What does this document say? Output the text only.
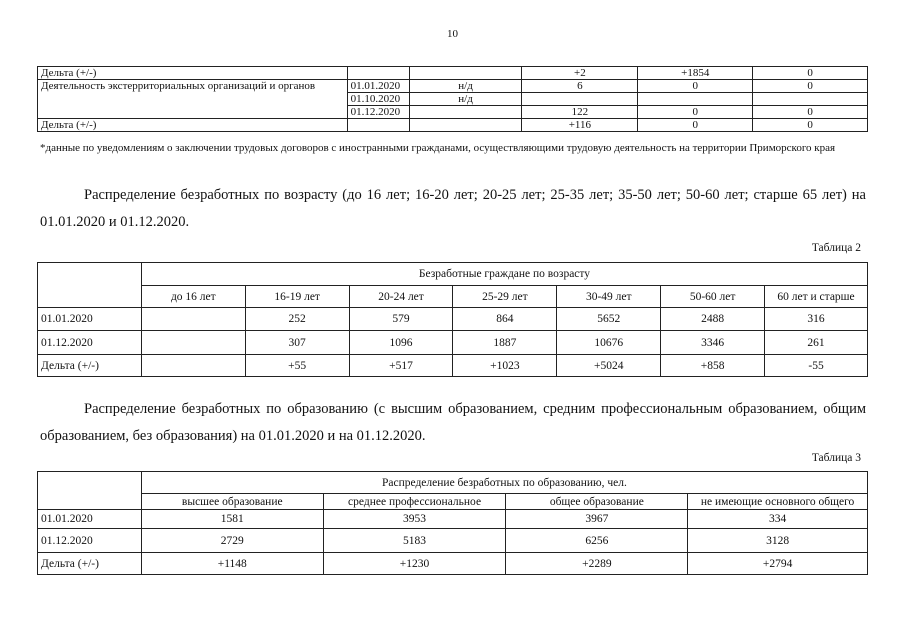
10
Дельта (+/-)			+2	+1854	0
Деятельность экстерриториальных организаций и органов	01.01.2020	н/д	6	0	0
	01.10.2020	н/д			
	01.12.2020		122	0	0
Дельта (+/-)			+116	0	0
*данные по уведомлениям о заключении трудовых договоров с иностранными гражданами, осуществляющими трудовую деятельность на территории Приморского края
Распределение безработных по возрасту (до 16 лет; 16-20 лет; 20-25 лет; 25-35 лет; 35-50 лет; 50-60 лет; старше 65 лет) на 01.01.2020 и 01.12.2020.
Таблица 2
	Безработные граждане по возрасту						
	до 16 лет	16-19 лет	20-24 лет	25-29 лет	30-49 лет	50-60 лет	60 лет и старше
01.01.2020		252	579	864	5652	2488	316
01.12.2020		307	1096	1887	10676	3346	261
Дельта (+/-)		+55	+517	+1023	+5024	+858	-55
Распределение безработных по образованию (с высшим образованием, средним профессиональным образованием, общим образованием, без образования) на 01.01.2020 и на 01.12.2020.
Таблица 3
	Распределение безработных по образованию, чел.			
	высшее образование	среднее профессиональное	общее образование	не имеющие основного общего
01.01.2020	1581	3953	3967	334
01.12.2020	2729	5183	6256	3128
Дельта (+/-)	+1148	+1230	+2289	+2794
